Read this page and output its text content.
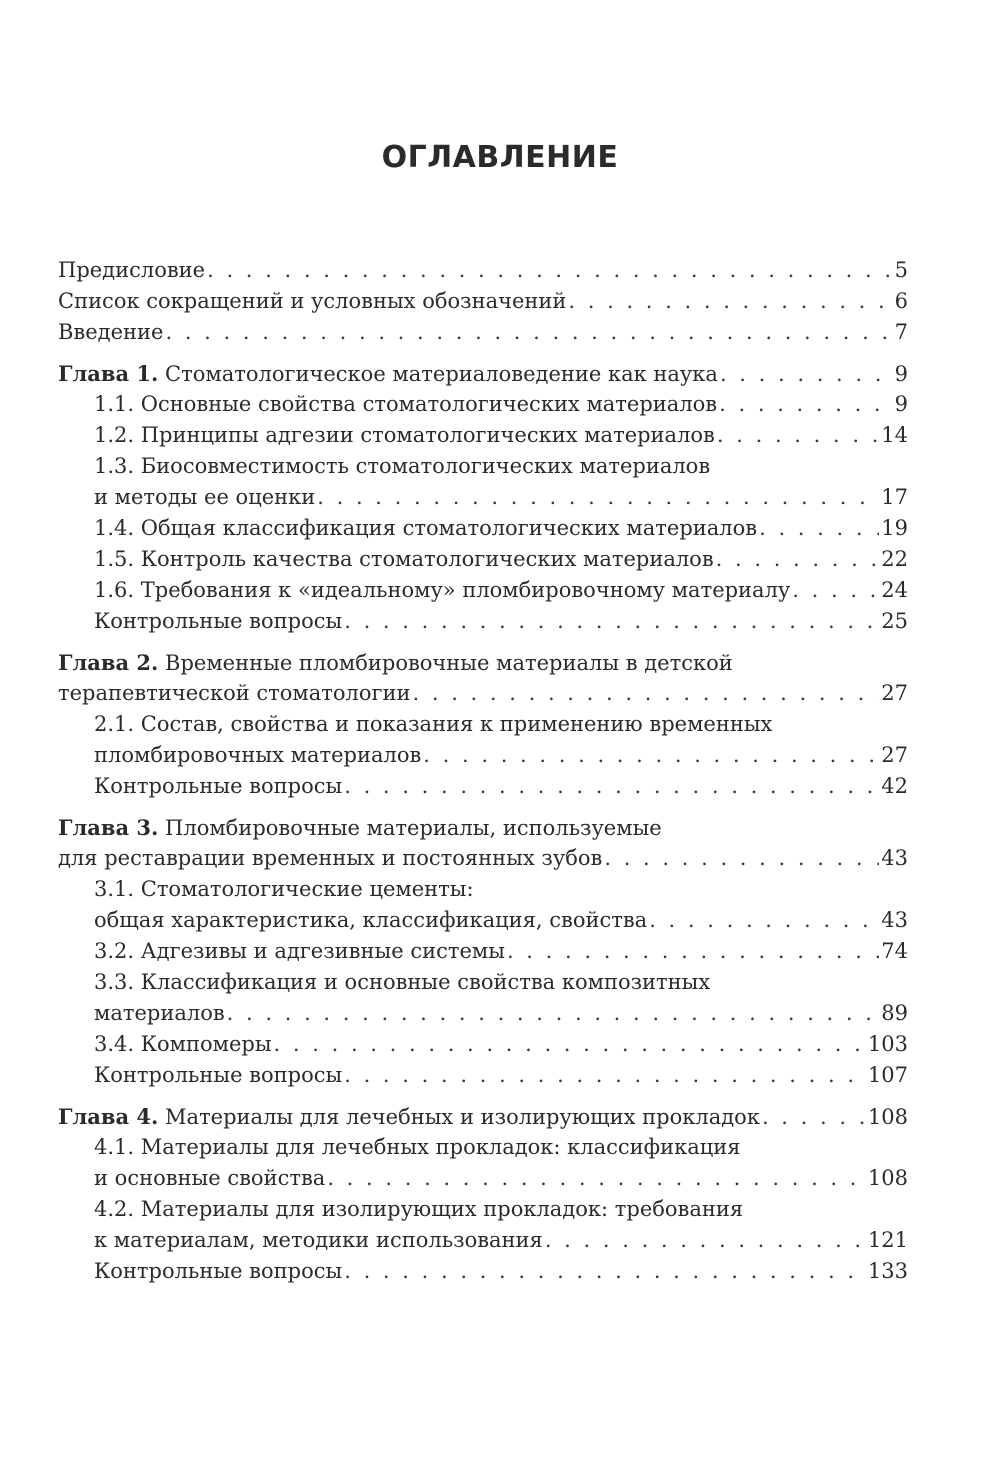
ОГЛАВЛЕНИЕ
Предисловие . . .	5
Список сокращений и условных обозначений . . .	6
Введение . . .	7
Глава 1. Стоматологическое материаловедение как наука . . .	9
1.1. Основные свойства стоматологических материалов . . .	9
1.2. Принципы адгезии стоматологических материалов . . .	14
1.3. Биосовместимость стоматологических материалов
и методы ее оценки . . .	17
1.4. Общая классификация стоматологических материалов . . .	19
1.5. Контроль качества стоматологических материалов . . .	22
1.6. Требования к «идеальному» пломбировочному материалу . . .	24
Контрольные вопросы . . .	25
Глава 2. Временные пломбировочные материалы в детской
терапевтической стоматологии . . .	27
2.1. Состав, свойства и показания к применению временных
пломбировочных материалов . . .	27
Контрольные вопросы . . .	42
Глава 3. Пломбировочные материалы, используемые
для реставрации временных и постоянных зубов . . .	43
3.1. Стоматологические цементы:
общая характеристика, классификация, свойства . . .	43
3.2. Адгезивы и адгезивные системы . . .	74
3.3. Классификация и основные свойства композитных
материалов . . .	89
3.4. Компомеры . . .	103
Контрольные вопросы . . .	107
Глава 4. Материалы для лечебных и изолирующих прокладок . . .	108
4.1. Материалы для лечебных прокладок: классификация
и основные свойства . . .	108
4.2. Материалы для изолирующих прокладок: требования
к материалам, методики использования . . .	121
Контрольные вопросы . . .	133
